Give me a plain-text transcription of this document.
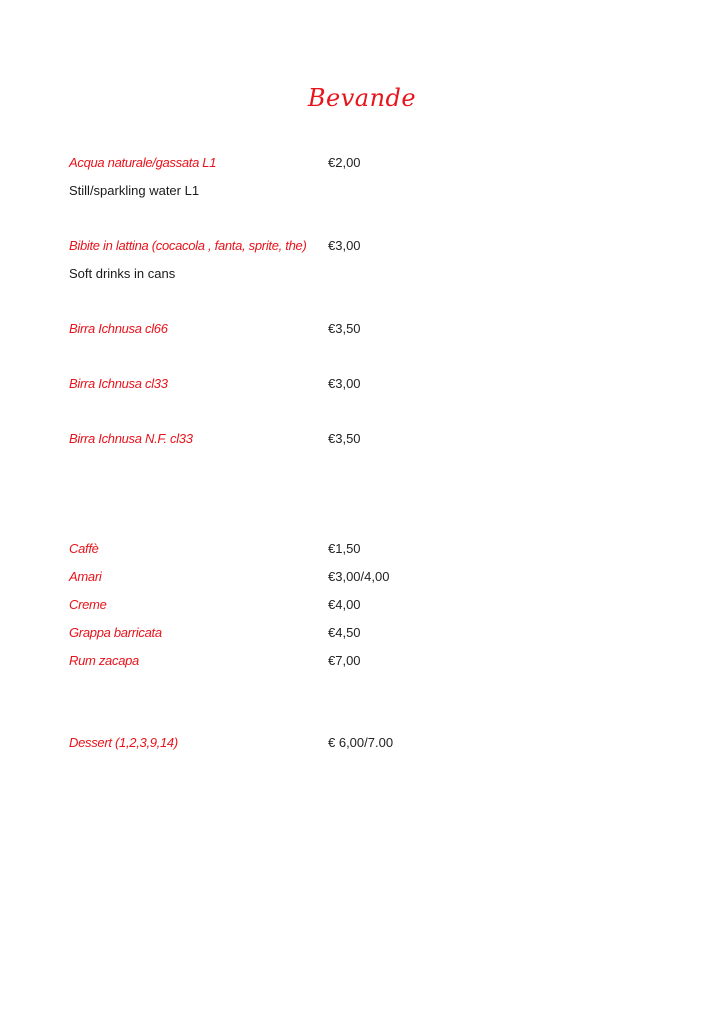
Bevande
Acqua naturale/gassata L1	€2,00
Still/sparkling water L1
Bibite in lattina (cocacola , fanta, sprite, the) €3,00
Soft drinks in cans
Birra Ichnusa cl66	€3,50
Birra Ichnusa cl33	€3,00
Birra Ichnusa N.F. cl33	€3,50
Caffè	€1,50
Amari	€3,00/4,00
Creme	€4,00
Grappa barricata	€4,50
Rum zacapa	€7,00
Dessert (1,2,3,9,14)	€ 6,00/7.00
